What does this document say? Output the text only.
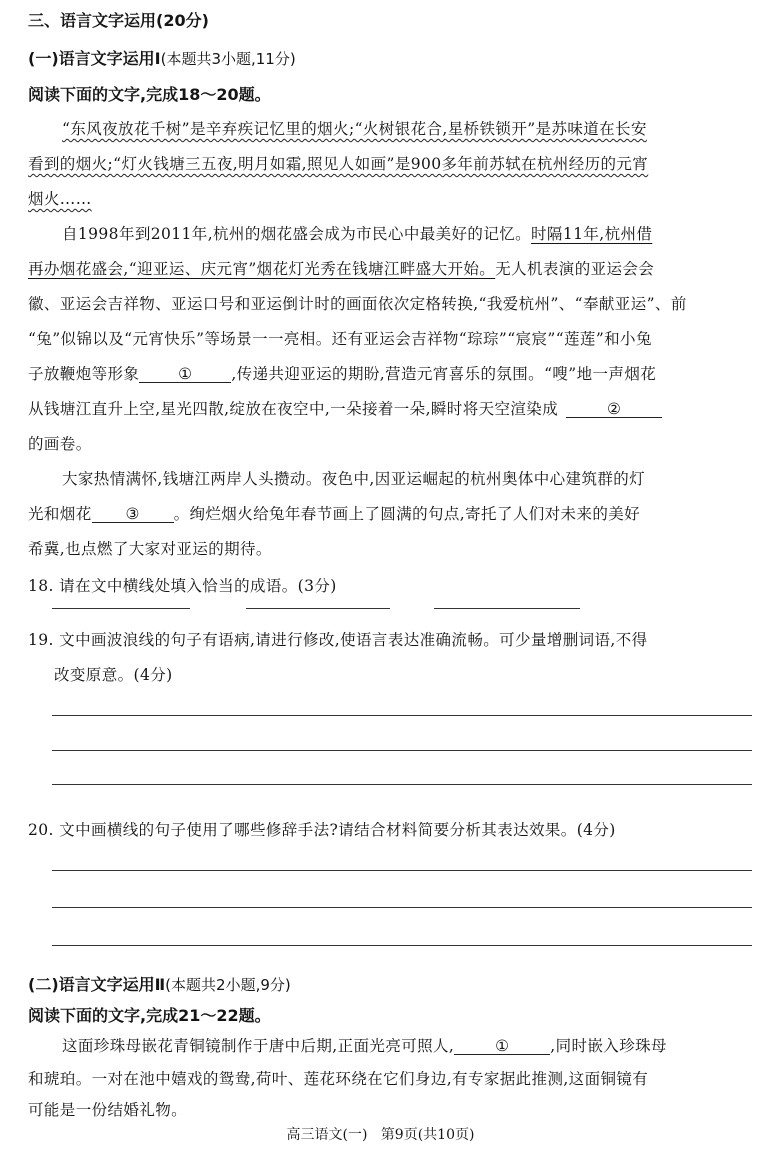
三、语言文字运用(20分)
(一)语言文字运用Ⅰ(本题共3小题,11分)
阅读下面的文字,完成18～20题。
“东风夜放花千树”是辛弃疾记忆里的烟火;“火树银花合,星桥铁锁开”是苏味道在长安
看到的烟火;“灯火钱塘三五夜,明月如霜,照见人如画”是900多年前苏轼在杭州经历的元宵
烟火……
自1998年到2011年,杭州的烟花盛会成为市民心中最美好的记忆。时隔11年,杭州借
再办烟花盛会,“迎亚运、庆元宵”烟花灯光秀在钱塘江畔盛大开始。无人机表演的亚运会会
徽、亚运会吉祥物、亚运口号和亚运倒计时的画面依次定格转换,“我爱杭州”、“奉献亚运”、前
“兔”似锦以及“元宵快乐”等场景一一亮相。还有亚运会吉祥物“琮琮”“宸宸”“莲莲”和小兔
子放鞭炮等形象	①	,传递共迎亚运的期盼,营造元宵喜乐的氛围。“嗖”地一声烟花
从钱塘江直升上空,星光四散,绽放在夜空中,一朵接着一朵,瞬时将天空渲染成	②
的画卷。
大家热情满怀,钱塘江两岸人头攒动。夜色中,因亚运崛起的杭州奥体中心建筑群的灯
光和烟花 ③ 。绚烂烟火给兔年春节画上了圆满的句点,寄托了人们对未来的美好
希冀,也点燃了大家对亚运的期待。
18. 请在文中横线处填入恰当的成语。(3分)
19. 文中画波浪线的句子有语病,请进行修改,使语言表达准确流畅。可少量增删词语,不得
改变原意。(4分)
20. 文中画横线的句子使用了哪些修辞手法?请结合材料简要分析其表达效果。(4分)
(二)语言文字运用Ⅱ(本题共2小题,9分)
阅读下面的文字,完成21～22题。
这面珍珠母嵌花青铜镜制作于唐中后期,正面光亮可照人,	①	,同时嵌入珍珠母
和琥珀。一对在池中嬉戏的鸳鸯,荷叶、莲花环绕在它们身边,有专家据此推测,这面铜镜有
可能是一份结婚礼物。
高三语文(一)   第9页(共10页)
